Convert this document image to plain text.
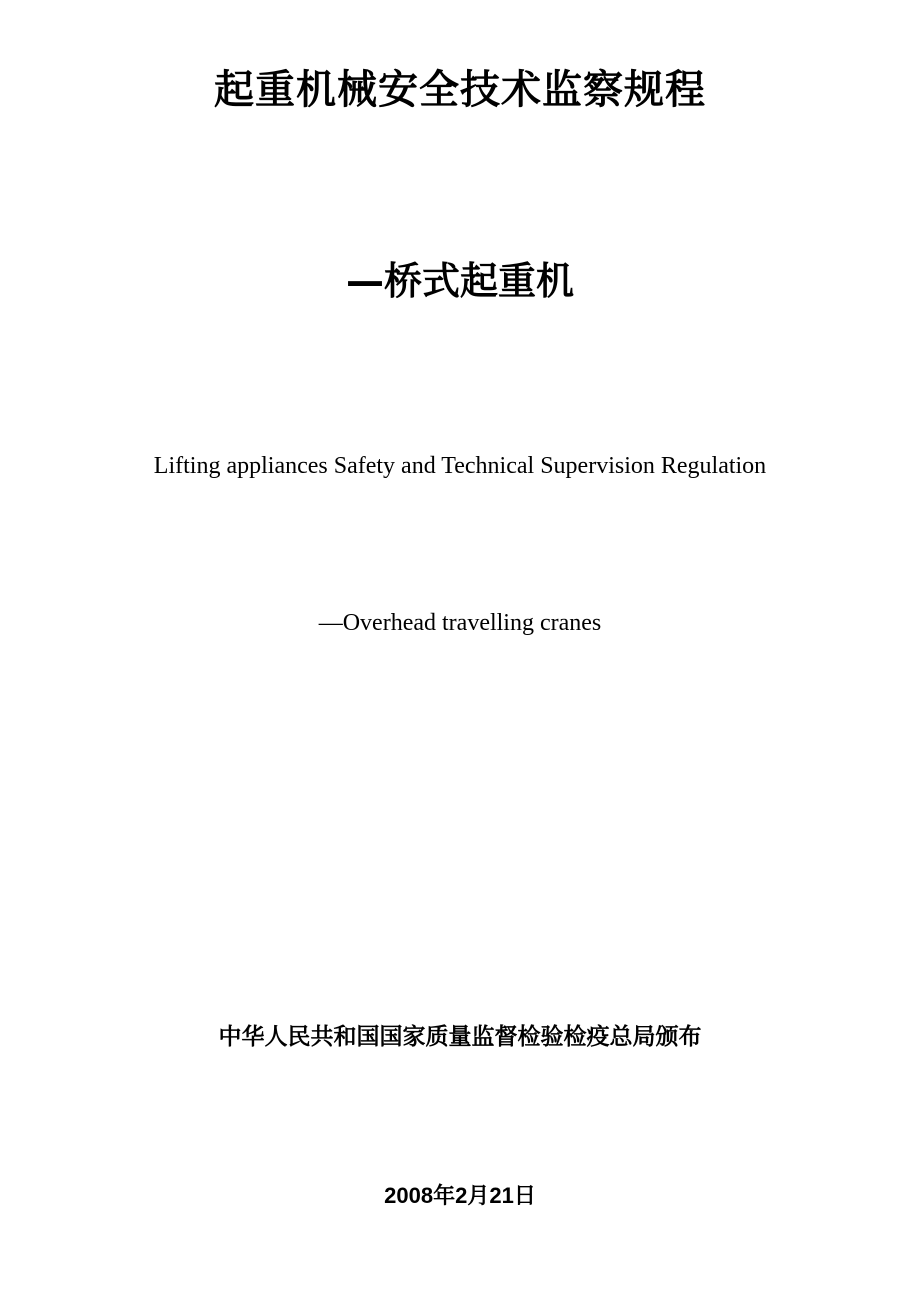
起重机械安全技术监察规程
—桥式起重机
Lifting appliances Safety and Technical Supervision Regulation
—Overhead travelling cranes
中华人民共和国国家质量监督检验检疫总局颁布
2008年2月21日
